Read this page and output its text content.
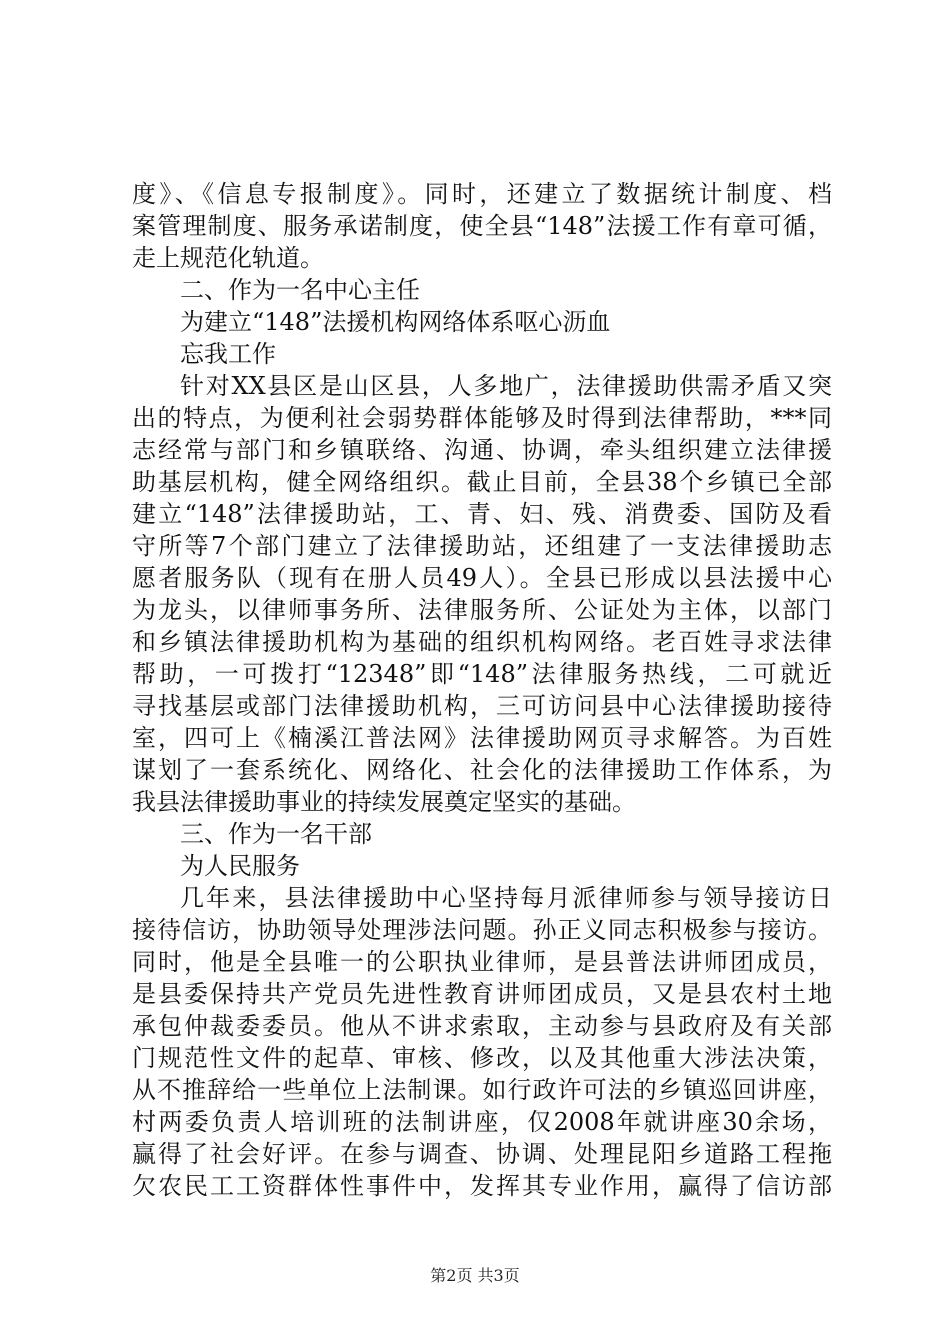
度》、《信息专报制度》。同时，还建立了数据统计制度、档
案管理制度、服务承诺制度，使全县“148”法援工作有章可循，
走上规范化轨道。
二、作为一名中心主任
为建立“148”法援机构网络体系呕心沥血
忘我工作
针对XX县区是山区县，人多地广，法律援助供需矛盾又突
出的特点，为便利社会弱势群体能够及时得到法律帮助，***同
志经常与部门和乡镇联络、沟通、协调，牵头组织建立法律援
助基层机构，健全网络组织。截止目前，全县38个乡镇已全部
建立“148”法律援助站，工、青、妇、残、消费委、国防及看
守所等7个部门建立了法律援助站，还组建了一支法律援助志
愿者服务队（现有在册人员49人）。全县已形成以县法援中心
为龙头，以律师事务所、法律服务所、公证处为主体，以部门
和乡镇法律援助机构为基础的组织机构网络。老百姓寻求法律
帮助，一可拨打“12348”即“148”法律服务热线，二可就近
寻找基层或部门法律援助机构，三可访问县中心法律援助接待
室，四可上《楠溪江普法网》法律援助网页寻求解答。为百姓
谋划了一套系统化、网络化、社会化的法律援助工作体系，为
我县法律援助事业的持续发展奠定坚实的基础。
三、作为一名干部
为人民服务
几年来，县法律援助中心坚持每月派律师参与领导接访日
接待信访，协助领导处理涉法问题。孙正义同志积极参与接访。
同时，他是全县唯一的公职执业律师，是县普法讲师团成员，
是县委保持共产党员先进性教育讲师团成员，又是县农村土地
承包仲裁委委员。他从不讲求索取，主动参与县政府及有关部
门规范性文件的起草、审核、修改，以及其他重大涉法决策，
从不推辞给一些单位上法制课。如行政许可法的乡镇巡回讲座，
村两委负责人培训班的法制讲座，仅2008年就讲座30余场，
赢得了社会好评。在参与调查、协调、处理昆阳乡道路工程拖
欠农民工工资群体性事件中，发挥其专业作用，赢得了信访部
第2页 共3页
